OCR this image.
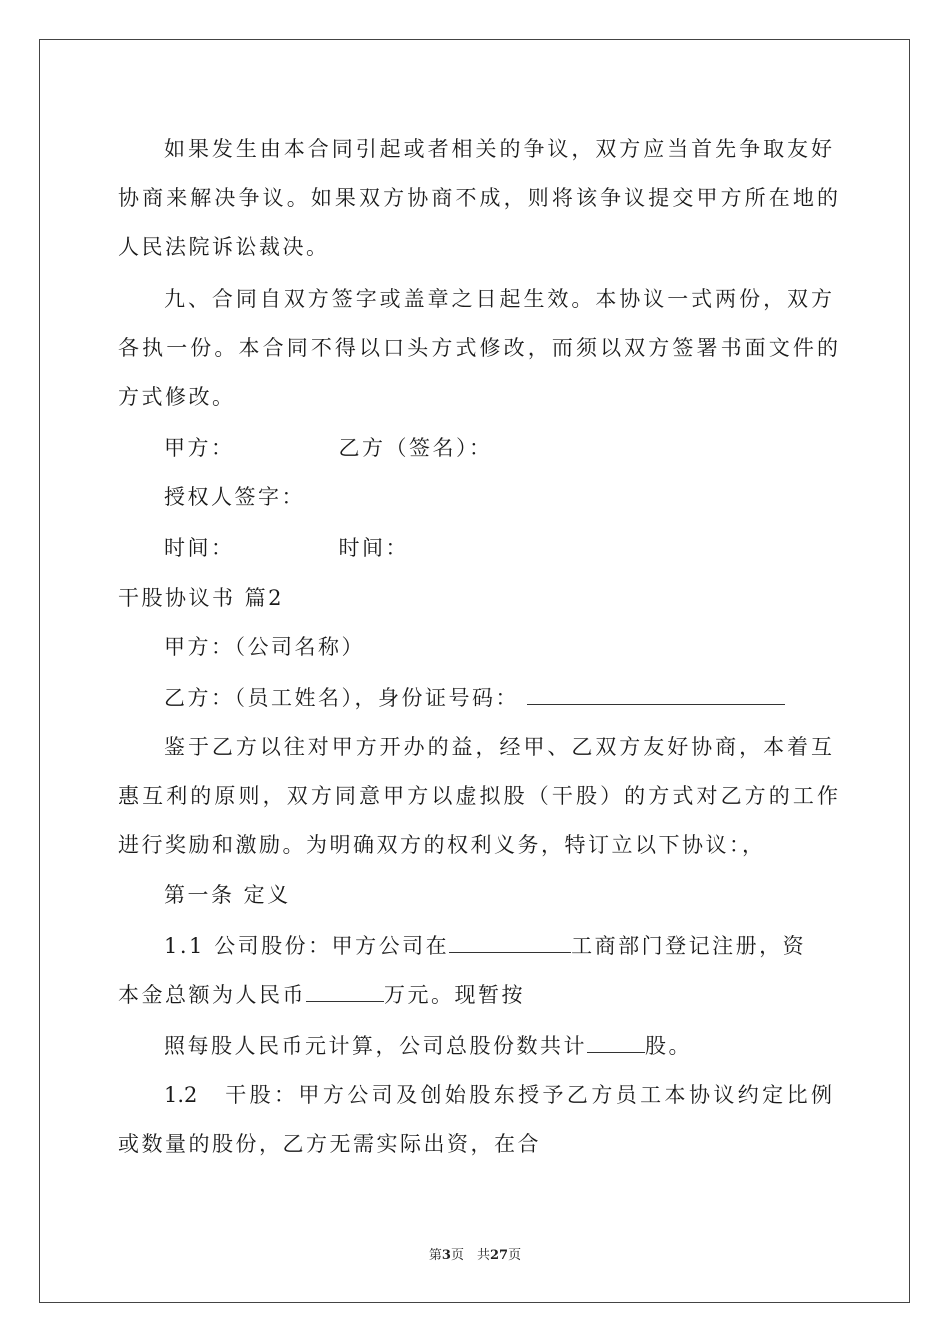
如果发生由本合同引起或者相关的争议，双方应当首先争取友好
协商来解决争议。如果双方协商不成，则将该争议提交甲方所在地的
人民法院诉讼裁决。
九、合同自双方签字或盖章之日起生效。本协议一式两份，双方
各执一份。本合同不得以口头方式修改，而须以双方签署书面文件的
方式修改。
甲方：	乙方（签名）：
授权人签字：
时间：	时间：
干股协议书 篇2
甲方：（公司名称）
乙方：（员工姓名），身份证号码：
鉴于乙方以往对甲方开办的益，经甲、乙双方友好协商，本着互
惠互利的原则，双方同意甲方以虚拟股（干股）的方式对乙方的工作
进行奖励和激励。为明确双方的权利义务，特订立以下协议：，
第一条 定义
1.1 公司股份：甲方公司在	工商部门登记注册，资
本金总额为人民币	万元。现暂按
照每股人民币元计算，公司总股份数共计	股。
1.2　干股：甲方公司及创始股东授予乙方员工本协议约定比例
或数量的股份，乙方无需实际出资，在合
第3页　共27页
